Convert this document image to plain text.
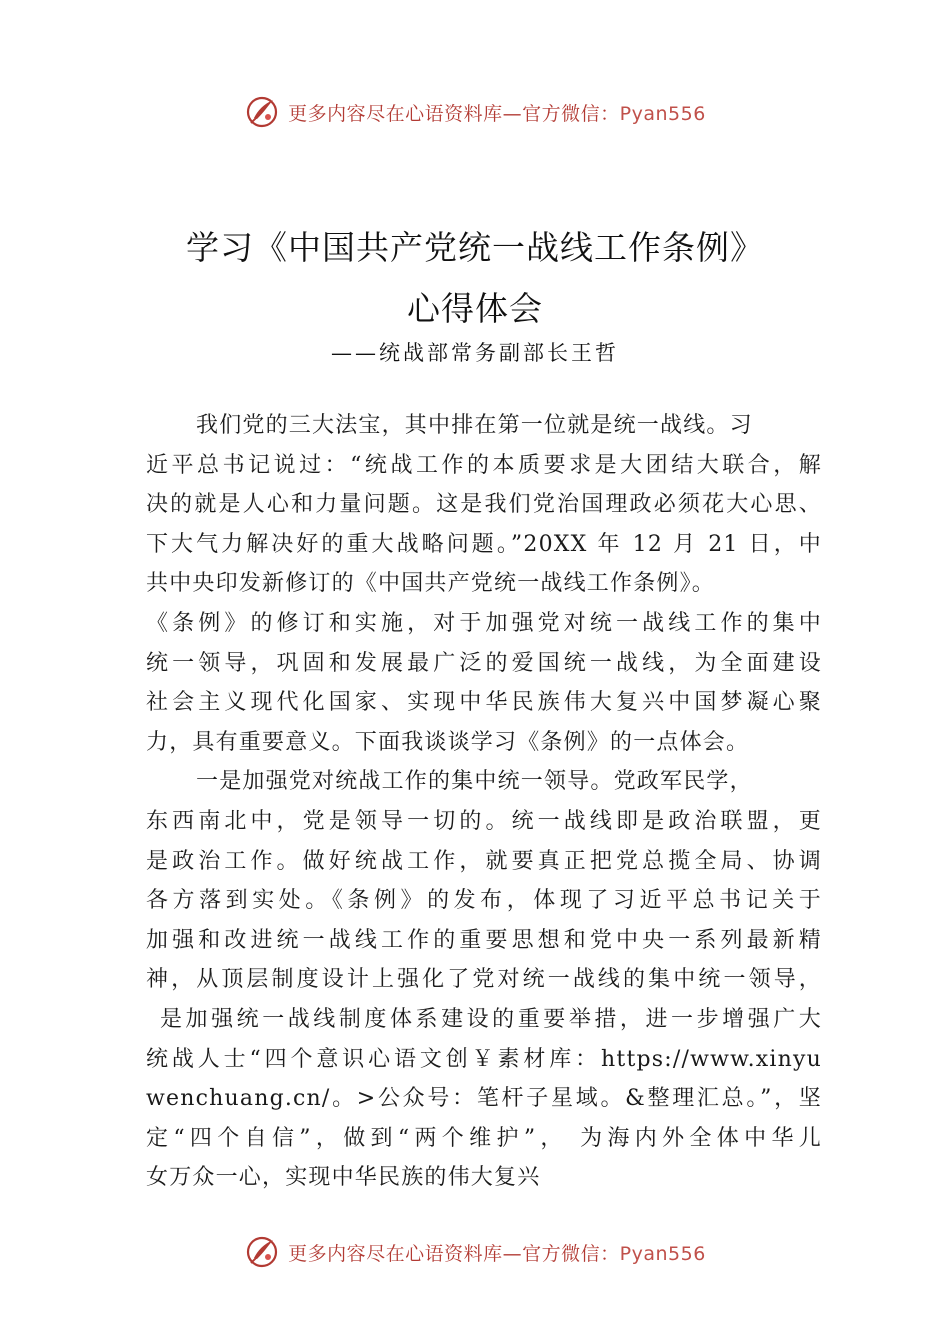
更多内容尽在心语资料库—官方微信：Pyan556
学习《中国共产党统一战线工作条例》
心得体会
——统战部常务副部长王哲

我们党的三大法宝，其中排在第一位就是统一战线。习
近平总书记说过：“统战工作的本质要求是大团结大联合，解
决的就是人心和力量问题。这是我们党治国理政必须花大心思、
下大气力解决好的重大战略问题。”20XX 年 12 月 21 日，中
共中央印发新修订的《中国共产党统一战线工作条例》。
《条例》的修订和实施，对于加强党对统一战线工作的集中
统一领导，巩固和发展最广泛的爱国统一战线，为全面建设
社会主义现代化国家、实现中华民族伟大复兴中国梦凝心聚
力，具有重要意义。下面我谈谈学习《条例》的一点体会。

一是加强党对统战工作的集中统一领导。党政军民学，
东西南北中，党是领导一切的。统一战线即是政治联盟，更
是政治工作。做好统战工作，就要真正把党总揽全局、协调
各方落到实处。《条例》的发布，体现了习近平总书记关于
加强和改进统一战线工作的重要思想和党中央一系列最新精
神，从顶层制度设计上强化了党对统一战线的集中统一领导，
是加强统一战线制度体系建设的重要举措，进一步增强广大
统战人士“四个意识心语文创￥素材库：https://www.xinyu
wenchuang.cn/。>公众号：笔杆子星域。&整理汇总。”，坚
定“四个自信”，做到“两个维护”， 为海内外全体中华儿
女万众一心，实现中华民族的伟大复兴

更多内容尽在心语资料库—官方微信：Pyan556
